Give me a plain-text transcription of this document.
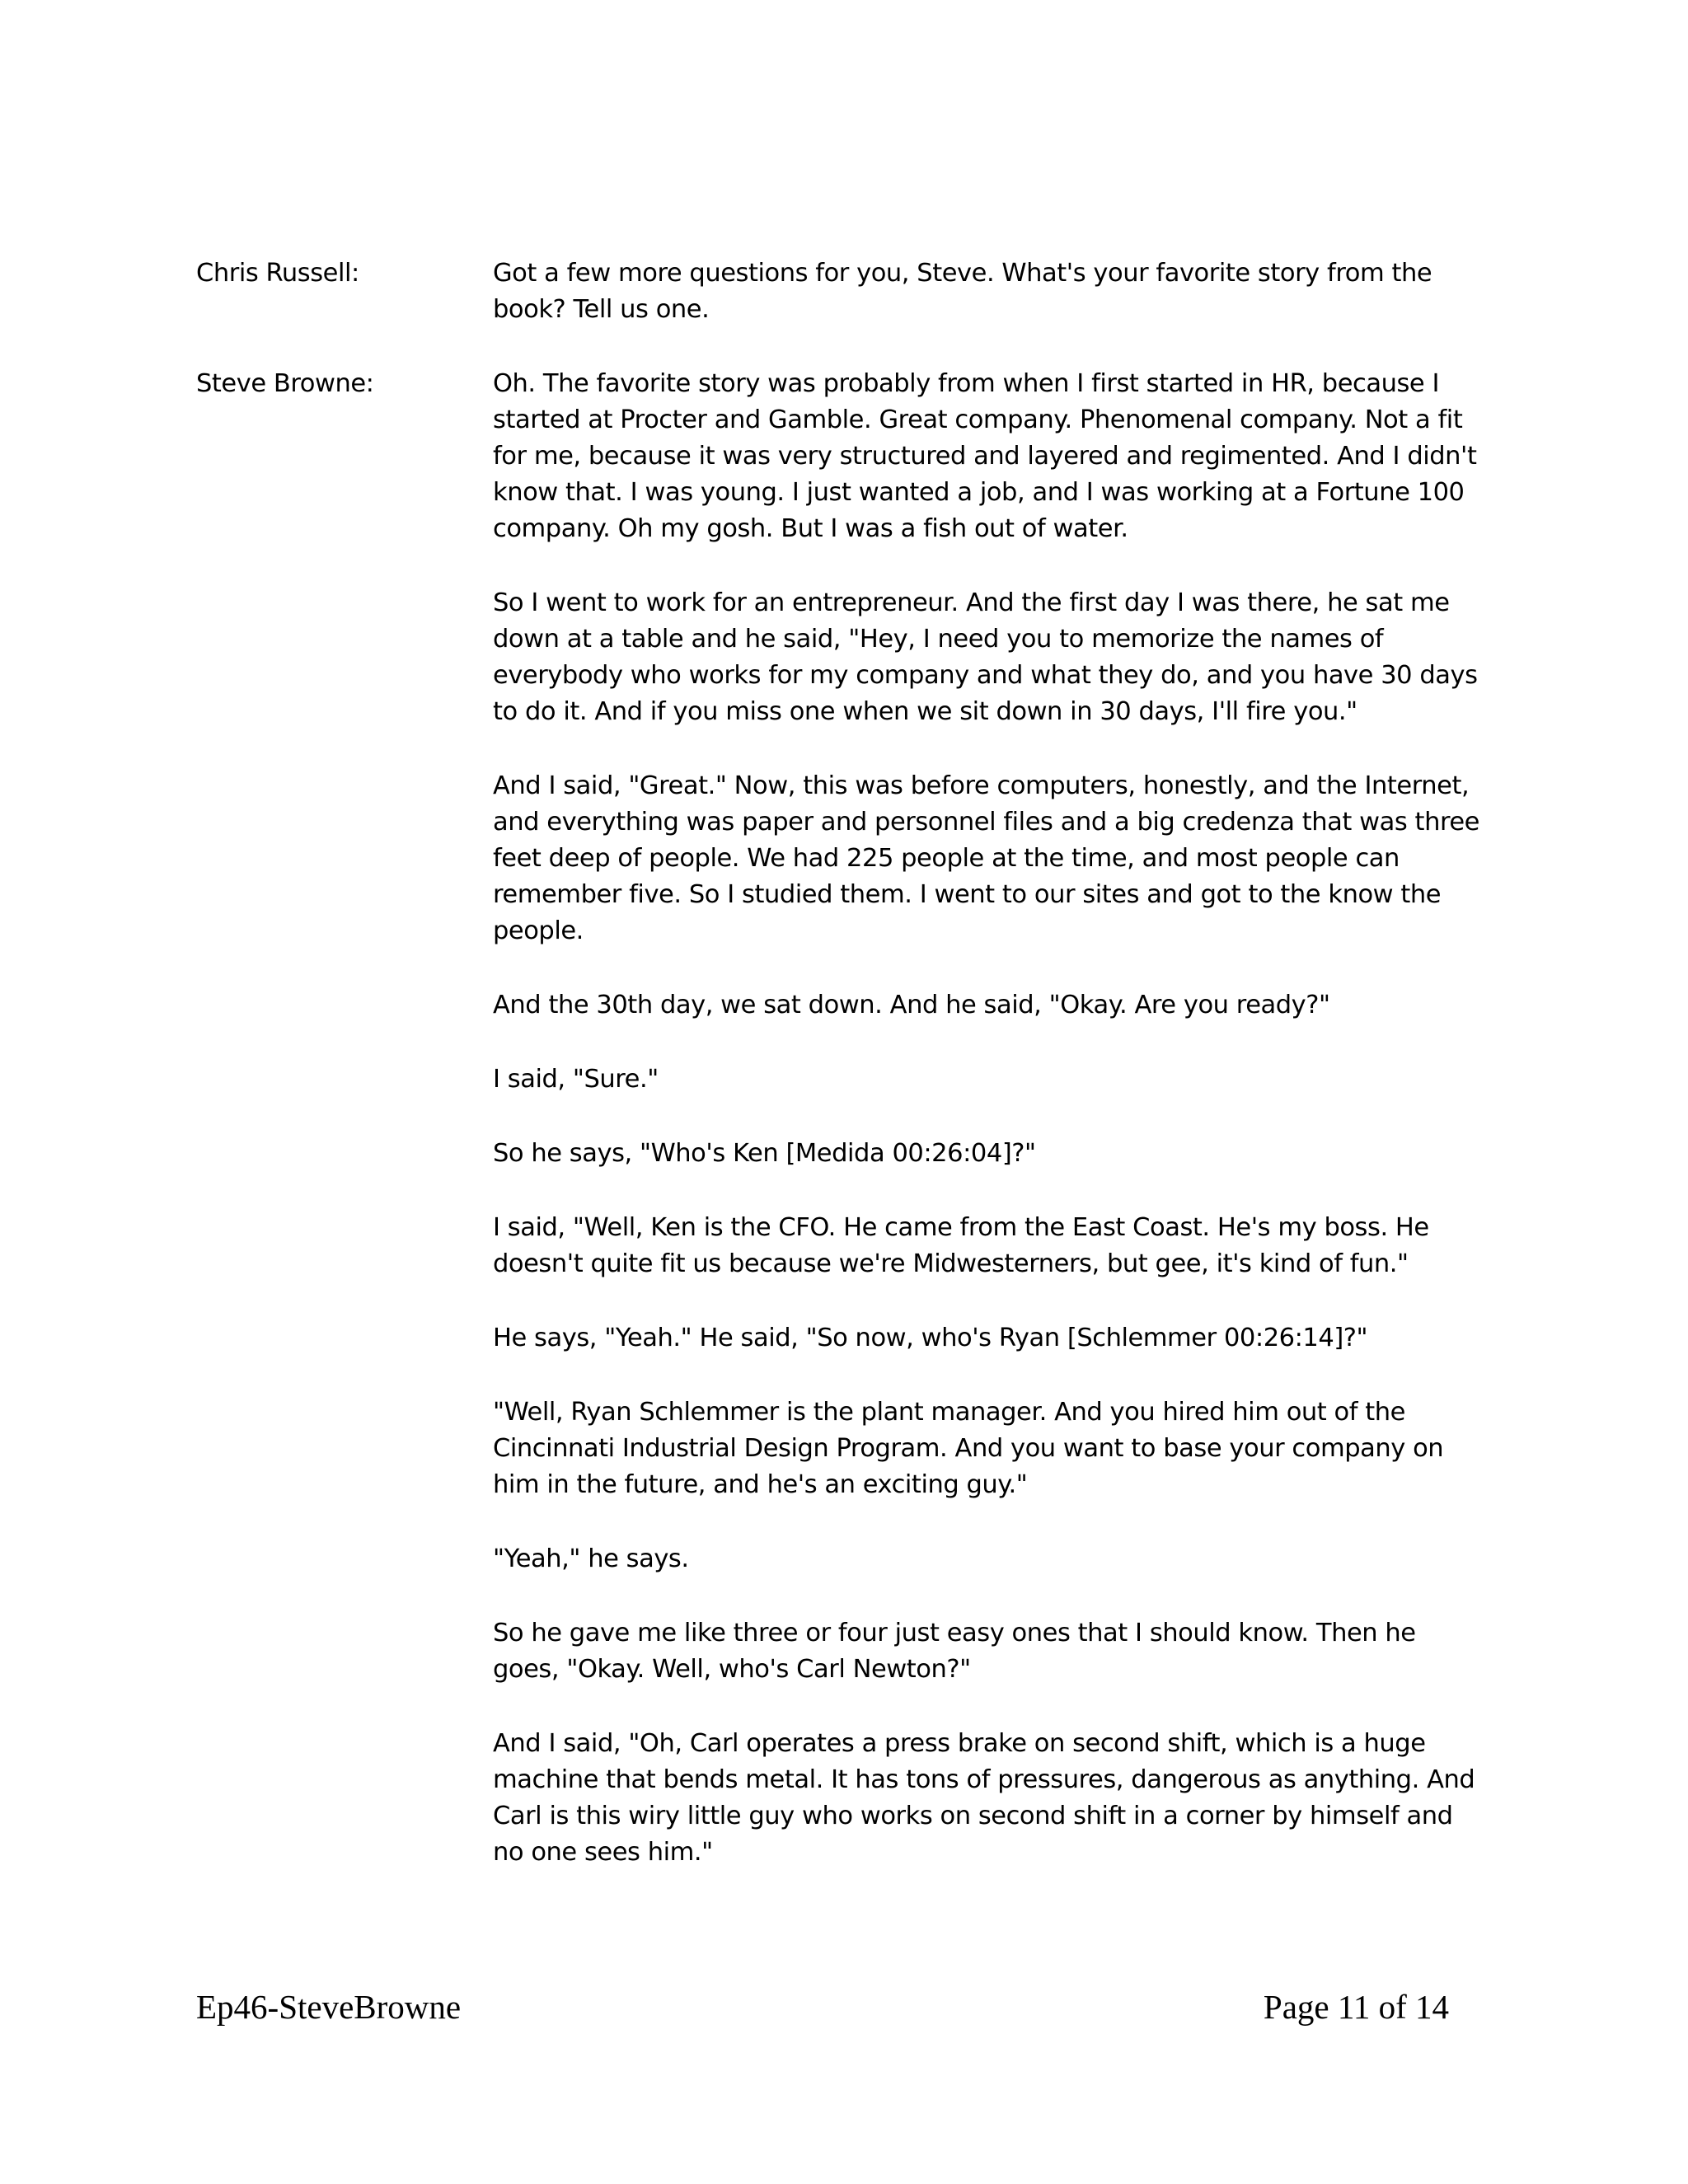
Chris Russell:	Got a few more questions for you, Steve. What's your favorite story from the book? Tell us one.

Steve Browne:	Oh. The favorite story was probably from when I first started in HR, because I started at Procter and Gamble. Great company. Phenomenal company. Not a fit for me, because it was very structured and layered and regimented. And I didn't know that. I was young. I just wanted a job, and I was working at a Fortune 100 company. Oh my gosh. But I was a fish out of water.

So I went to work for an entrepreneur. And the first day I was there, he sat me down at a table and he said, "Hey, I need you to memorize the names of everybody who works for my company and what they do, and you have 30 days to do it. And if you miss one when we sit down in 30 days, I'll fire you."

And I said, "Great." Now, this was before computers, honestly, and the Internet, and everything was paper and personnel files and a big credenza that was three feet deep of people. We had 225 people at the time, and most people can remember five. So I studied them. I went to our sites and got to the know the people.

And the 30th day, we sat down. And he said, "Okay. Are you ready?"

I said, "Sure."

So he says, "Who's Ken [Medida 00:26:04]?"

I said, "Well, Ken is the CFO. He came from the East Coast. He's my boss. He doesn't quite fit us because we're Midwesterners, but gee, it's kind of fun."

He says, "Yeah." He said, "So now, who's Ryan [Schlemmer 00:26:14]?"

"Well, Ryan Schlemmer is the plant manager. And you hired him out of the Cincinnati Industrial Design Program. And you want to base your company on him in the future, and he's an exciting guy."

"Yeah," he says.

So he gave me like three or four just easy ones that I should know. Then he goes, "Okay. Well, who's Carl Newton?"

And I said, "Oh, Carl operates a press brake on second shift, which is a huge machine that bends metal. It has tons of pressures, dangerous as anything. And Carl is this wiry little guy who works on second shift in a corner by himself and no one sees him."

Ep46-SteveBrowne	Page 11 of 14
